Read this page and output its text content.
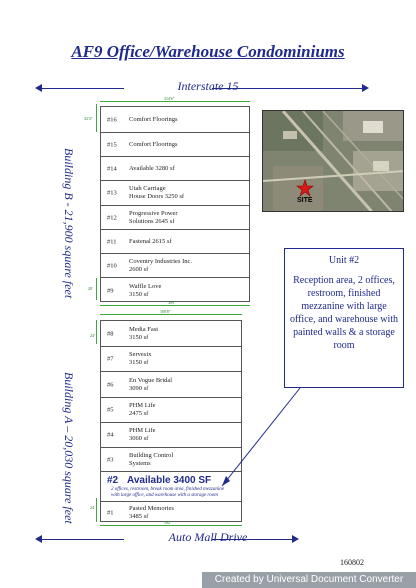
AF9 Office/Warehouse Condominiums
Interstate 15
Building B - 21,900 square feet
314'6"
32'4"
20'
#16 Comfort Floorings
#15 Comfort Floorings
#14 Available 3280 sf
#13
Utah Carriage
House Doors 3250 sf
#12
Progressive Power
Solutions 2645 sf
#11 Fastenal 2615 sf
#10
Coventry Industries Inc.
2600 sf
#9
Waffle Love
3150 sf
309'
Building A – 20,030 square feet
100'8"
24'
24'
#8
Media Fast
3150 sf
#7
Servesix
3150 sf
#6
En Vogue Bridal
3090 sf
#5
PHM Life
2475 sf
#4
PHM Life
3060 sf
#3
Building Control
Systems
#2 Available 3400 SF
2 offices, restroom, break room area, finished mezzanine
with large office, and warehouse with a storage room
#1
Pasted Memories
3485 sf
102'
Auto Mall Drive
SITE
Unit #2
Reception area, 2 offices, restroom, finished mezzanine with large office, and warehouse with painted walls & a storage room
160802
Created by Universal Document Converter
